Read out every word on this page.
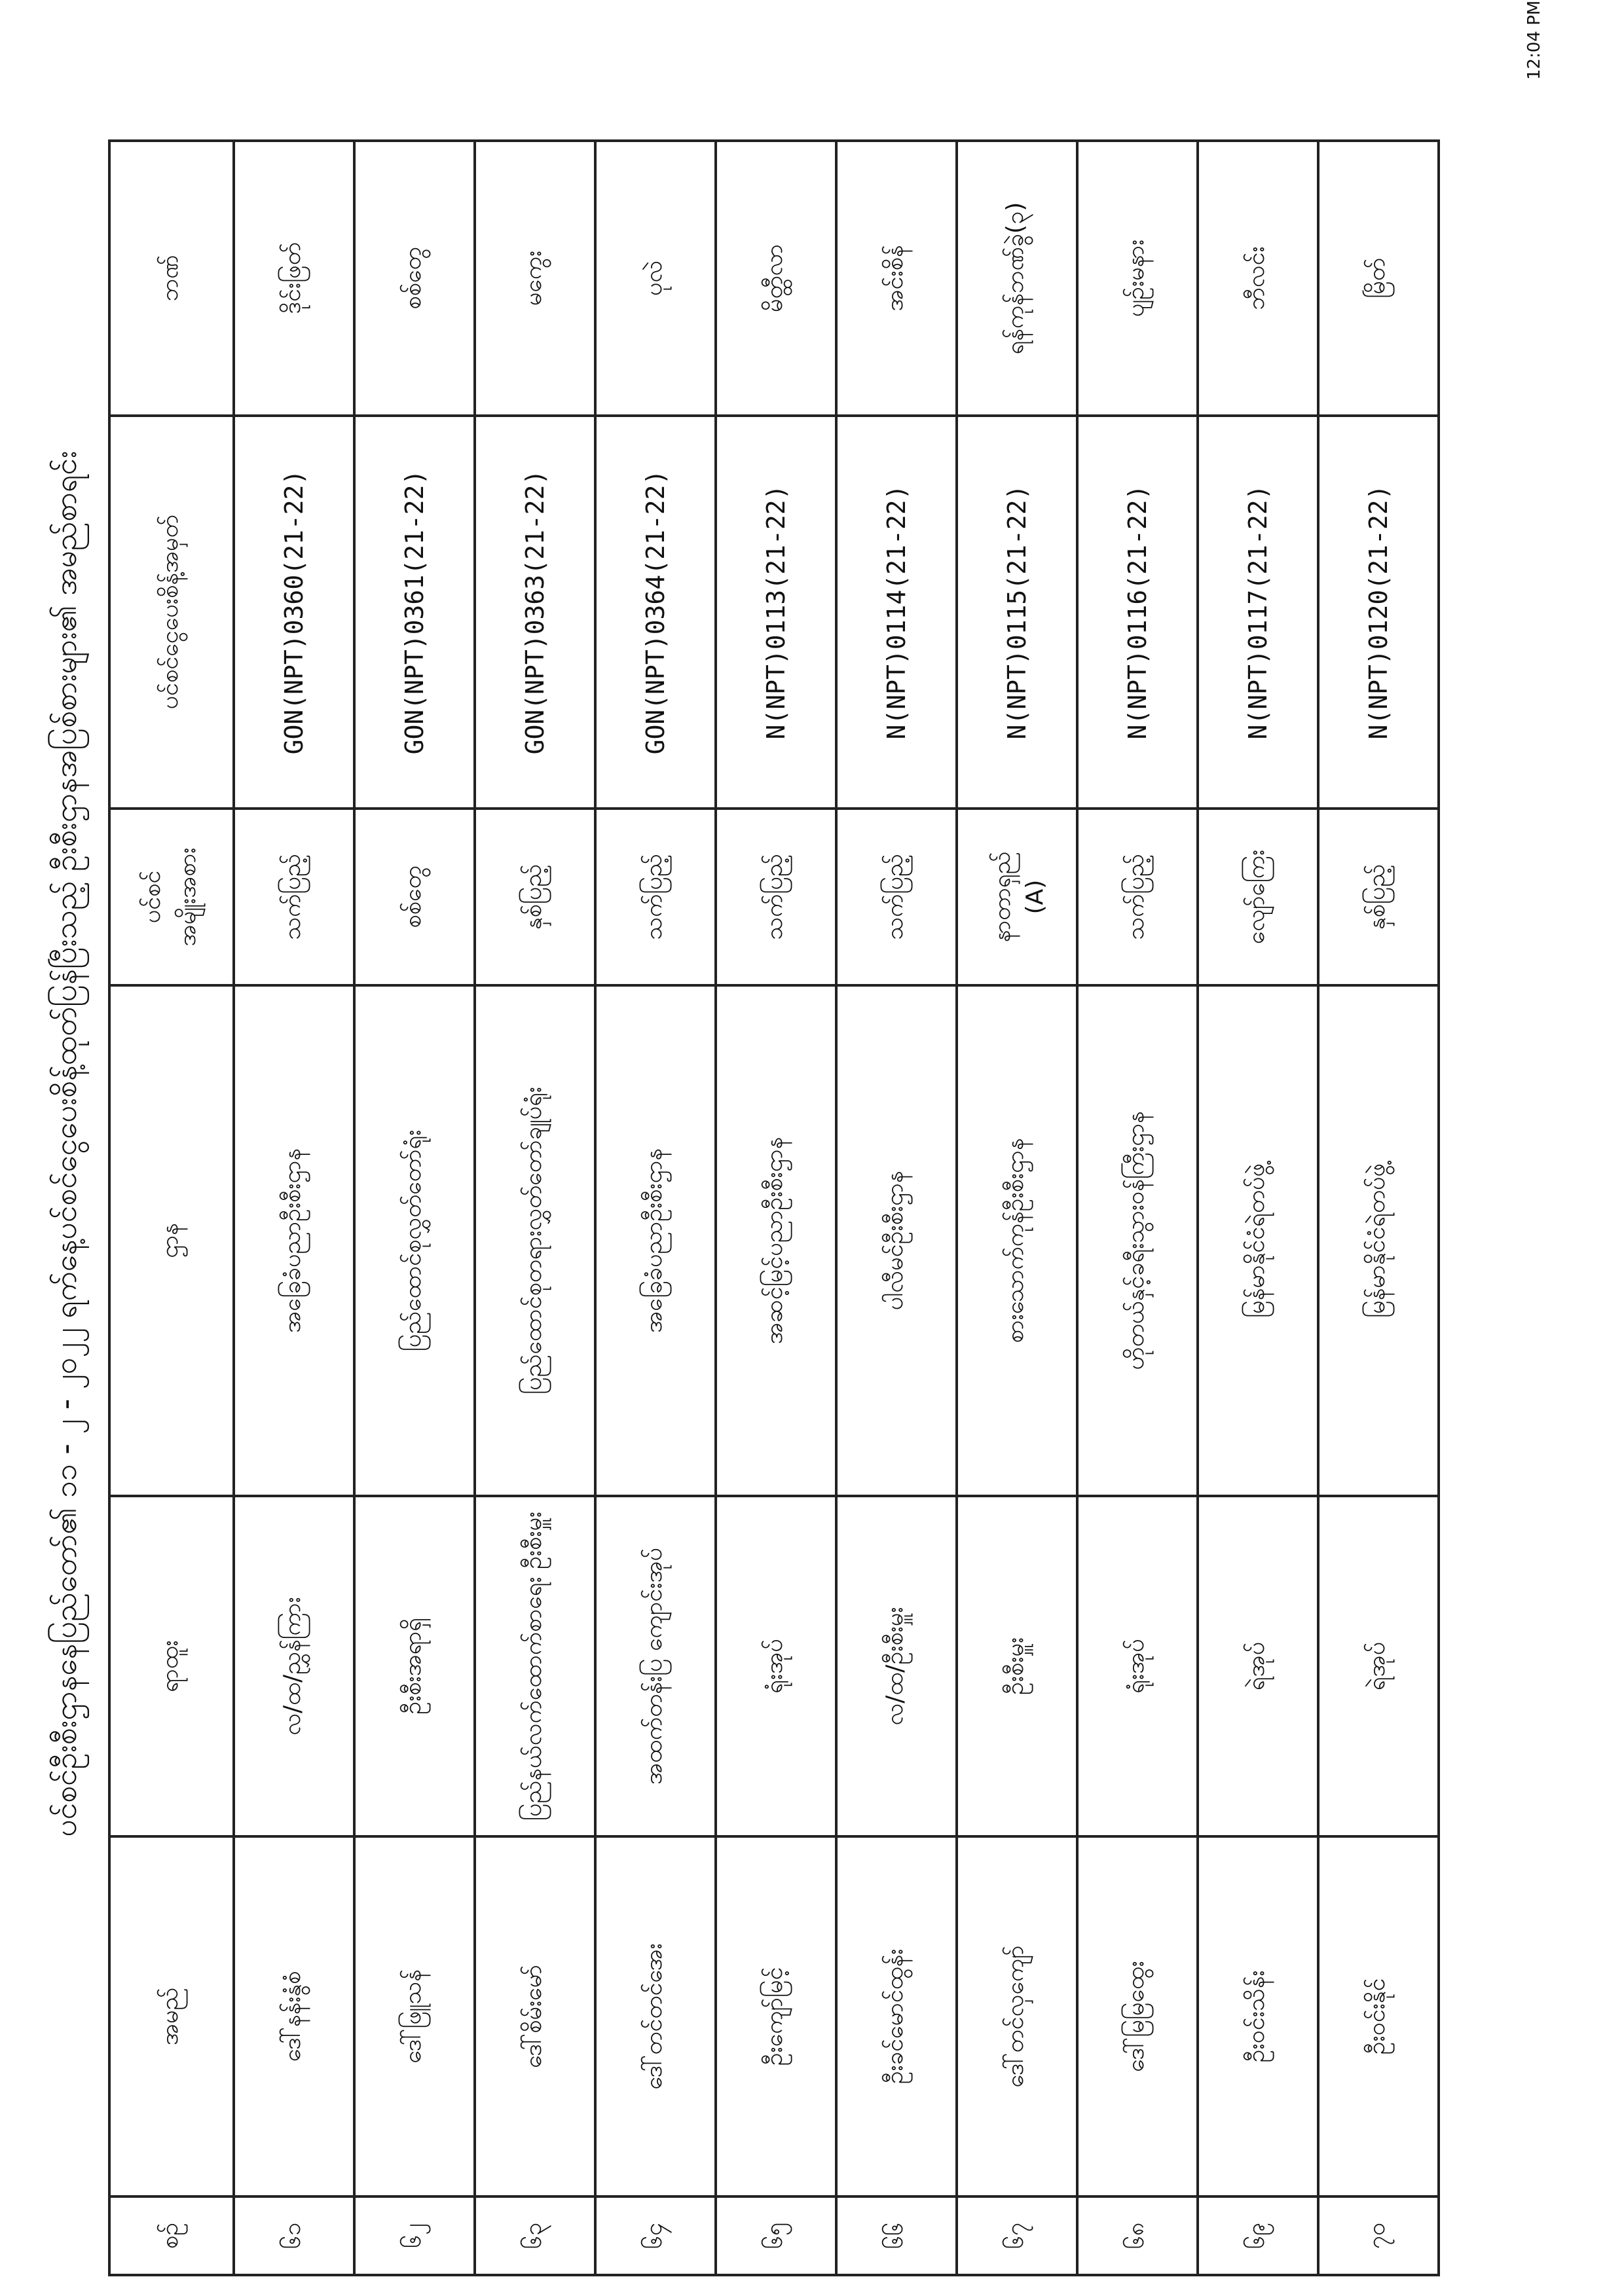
ပင်စင်ဦးစီးဌာနနေပြည်တော်၏ ၁၁ - ၂ - ၂၀၂၂ ရက်နေ့ပင်စင်ငွေပေးစိန့်ထုတ်ပြန်ပြီးသည့် ဦးစီးဌာနအပြစ်စားများ၏ အမည်စာရင်း
စဉ်	အမည်	ရာထူး	ဌာန	ပင်စင် အမျိုးအစား	ပင်စင်ငွေပေးစိန့်အမှတ်	ဘဏ်
၆၁	ဒေါ်နန်းနွံစံ	လ/ထ/ညွှန်ကြား	အခြေခံပညာဦးစီးဌာန	သက်ပြည့်	GON(NPT)0360(21-22)	ဒိုင်းဖြတ်
၆၂	ဒေါ်ဖြူသန်	ဦးစီးအရာရှိ	ပြည်ထောင်စုလွှတ်တော်ရုံး	စစ်တွေ	GON(NPT)0361(21-22)	စစ်တွေ
၆၃	ဒေါ်စိမ်းမော်	ပြည်နယ်လက်ထောက်စာရေး ဦးစီးမှူး	ပြည်ထောင်စုတရားလွှတ်တော်ချုပ်ရုံး	နှစ်ပြည့်	GON(NPT)0363(21-22)	မကွေး
၆၄	ဒေါ်တင်တင်အေး	အထက်တန်းပြ ကျောင်းအုပ်	အခြေခံပညာဦးစီးဌာန	သက်ပြည့်	GON(NPT)0364(21-22)	ပုလဲ
၆၅	ဦးကျော်မြင့်	ရုံးအုပ်	အဆင့်မြင့်ပညာဦးစီးဌာန	သက်ပြည့်	N(NPT)0113(21-22)	မိတ္ထီလာ
၆၆	ဦးခင်မောင်ထွန်း	လ/ထ/ဦးစီးမှူး	ပါလီမင်ဦးစီးဌာန	သက်ပြည့်	N(NPT)0114(21-22)	အင်းစိန်
၆၇	ဒေါ်တင်လှကျော်	ဦးစီးမှူး	စားသောက်ကုန်ဦးစီးဌာန	နာတာရှည် (A)	N(NPT)0115(21-22)	ရန်ကုန်ဘဏ်ခွဲ(၃)
၆၈	ဒေါ်မြမြထွေး	ရုံးအုပ်	ဟိုတယ်နှင့်ခရီးသွားဝန်ကြီးဌာန	သက်ပြည့်	N(NPT)0116(21-22)	ပျဉ်းမနား
၆၉	ဦးဝင်းသိန်း	ရဲအုပ်	မြန်မာနိုင်ငံရဲတပ်ဖွဲ့	လျော်ကြေး	N(NPT)0117(21-22)	ဘီလင်း
၇၀	ဦးဝင်းနိုင်	ရဲအုပ်	မြန်မာနိုင်ငံရဲတပ်ဖွဲ့	နှစ်ပြည့်	N(NPT)0120(21-22)	မြိတ်
12:04 PM
